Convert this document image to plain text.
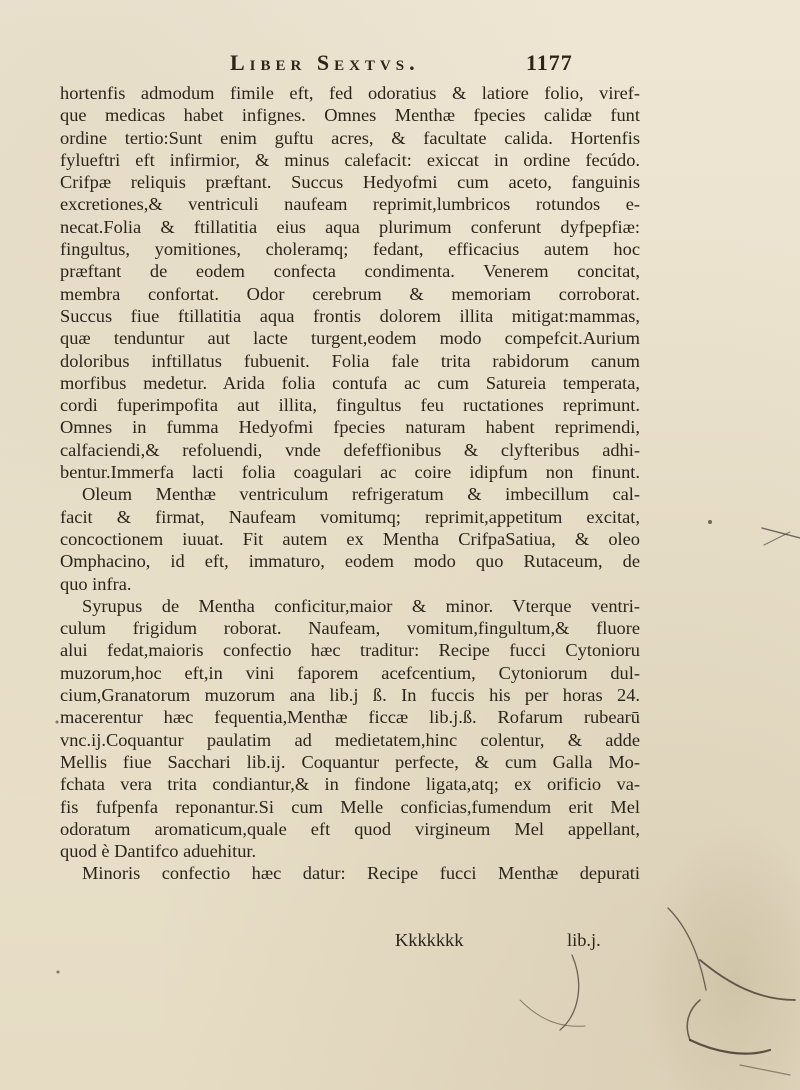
Liber Sextvs.	1177
hortenfis admodum fimile eft, fed odoratius & latiore folio, viref-
que medicas habet infignes. Omnes Menthæ fpecies calidæ funt
ordine tertio:Sunt enim guftu acres, & facultate calida. Hortenfis
fylueftri eft infirmior, & minus calefacit: exiccat in ordine fecúdo.
Crifpæ reliquis præftant. Succus Hedyofmi cum aceto, fanguinis
excretiones,& ventriculi naufeam reprimit,lumbricos rotundos e-
necat.Folia & ftillatitia eius aqua plurimum conferunt dyfpepfiæ:
fingultus, yomitiones, choleramq; fedant, efficacius autem hoc
præftant de eodem confecta condimenta. Venerem concitat,
membra confortat. Odor cerebrum & memoriam corroborat.
Succus fiue ftillatitia aqua frontis dolorem illita mitigat:mammas,
quæ tenduntur aut lacte turgent,eodem modo compefcit.Aurium
doloribus inftillatus fubuenit. Folia fale trita rabidorum canum
morfibus medetur. Arida folia contufa ac cum Satureia temperata,
cordi fuperimpofita aut illita, fingultus feu ructationes reprimunt.
Omnes in fumma Hedyofmi fpecies naturam habent reprimendi,
calfaciendi,& refoluendi, vnde defeffionibus & clyfteribus adhi-
bentur.Immerfa lacti folia coagulari ac coire idipfum non finunt.
Oleum Menthæ ventriculum refrigeratum & imbecillum cal-
facit & firmat, Naufeam vomitumq; reprimit,appetitum excitat,
concoctionem iuuat. Fit autem ex Mentha CrifpaSatiua, & oleo
Omphacino, id eft, immaturo, eodem modo quo Rutaceum, de
quo infra.
Syrupus de Mentha conficitur,maior & minor. Vterque ventri-
culum frigidum roborat. Naufeam, vomitum,fingultum,& fluore
alui fedat,maioris confectio hæc traditur: Recipe fucci Cytonioru
muzorum,hoc eft,in vini faporem acefcentium, Cytoniorum dul-
cium,Granatorum muzorum ana lib.j ß. In fuccis his per horas 24.
macerentur hæc fequentia,Menthæ ficcæ lib.j.ß. Rofarum rubearū
vnc.ij.Coquantur paulatim ad medietatem,hinc colentur, & adde
Mellis fiue Sacchari lib.ij. Coquantur perfecte, & cum Galla Mo-
fchata vera trita condiantur,& in findone ligata,atq; ex orificio va-
fis fufpenfa reponantur.Si cum Melle conficias,fumendum erit Mel
odoratum aromaticum,quale eft quod virgineum Mel appellant,
quod è Dantifco aduehitur.
Minoris confectio hæc datur: Recipe fucci Menthæ depurati
Kkkkkkk	lib.j.
